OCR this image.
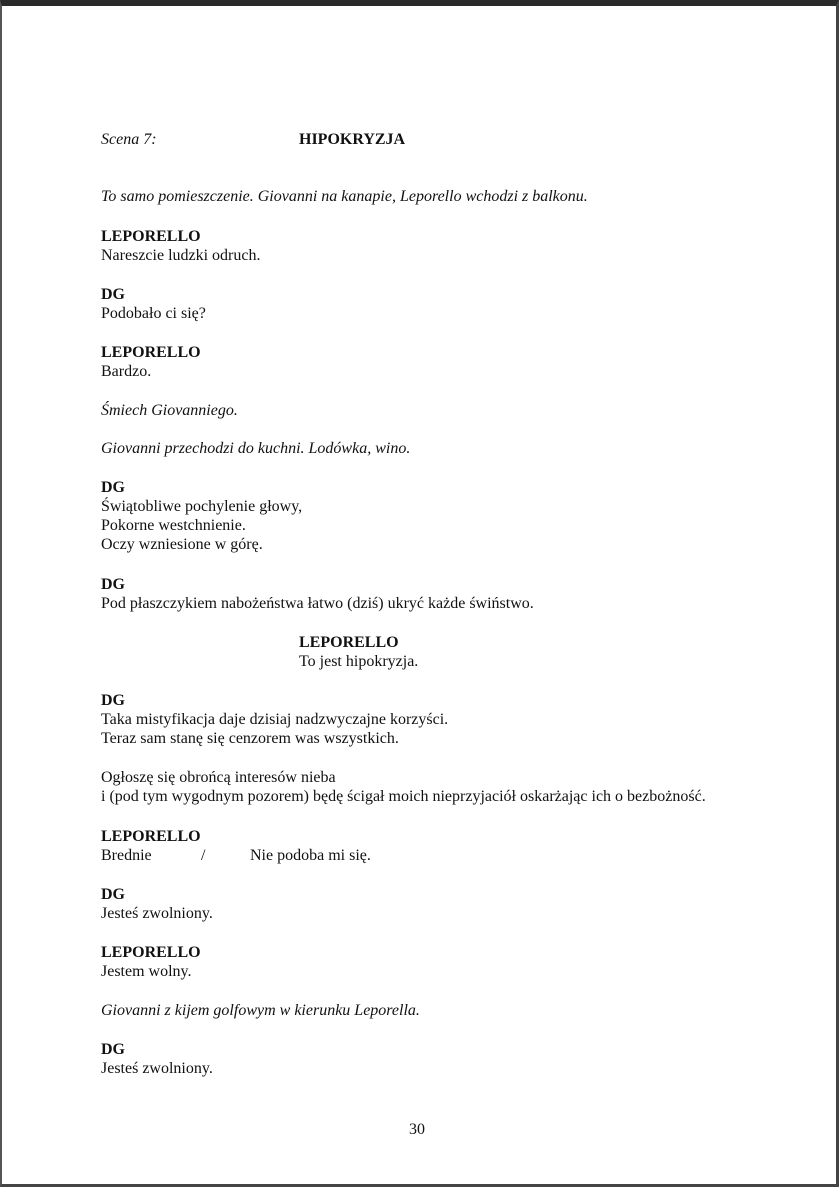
Scena 7:	HIPOKRYZJA
To samo pomieszczenie. Giovanni na kanapie, Leporello wchodzi z balkonu.
LEPORELLO
Nareszcie ludzki odruch.
DG
Podobało ci się?
LEPORELLO
Bardzo.
Śmiech Giovanniego.
Giovanni przechodzi do kuchni. Lodówka, wino.
DG
Świątobliwe pochylenie głowy,
Pokorne westchnienie.
Oczy wzniesione w górę.
DG
Pod płaszczykiem nabożeństwa łatwo (dziś) ukryć każde świństwo.
LEPORELLO
To jest hipokryzja.
DG
Taka mistyfikacja daje dzisiaj nadzwyczajne korzyści.
Teraz sam stanę się cenzorem was wszystkich.
Ogłoszę się obrońcą interesów nieba
i (pod tym wygodnym pozorem) będę ścigał moich nieprzyjaciół oskarżając ich o bezbożność.
LEPORELLO
Brednie	/	Nie podoba mi się.
DG
Jesteś zwolniony.
LEPORELLO
Jestem wolny.
Giovanni z kijem golfowym w kierunku Leporella.
DG
Jesteś zwolniony.
30
